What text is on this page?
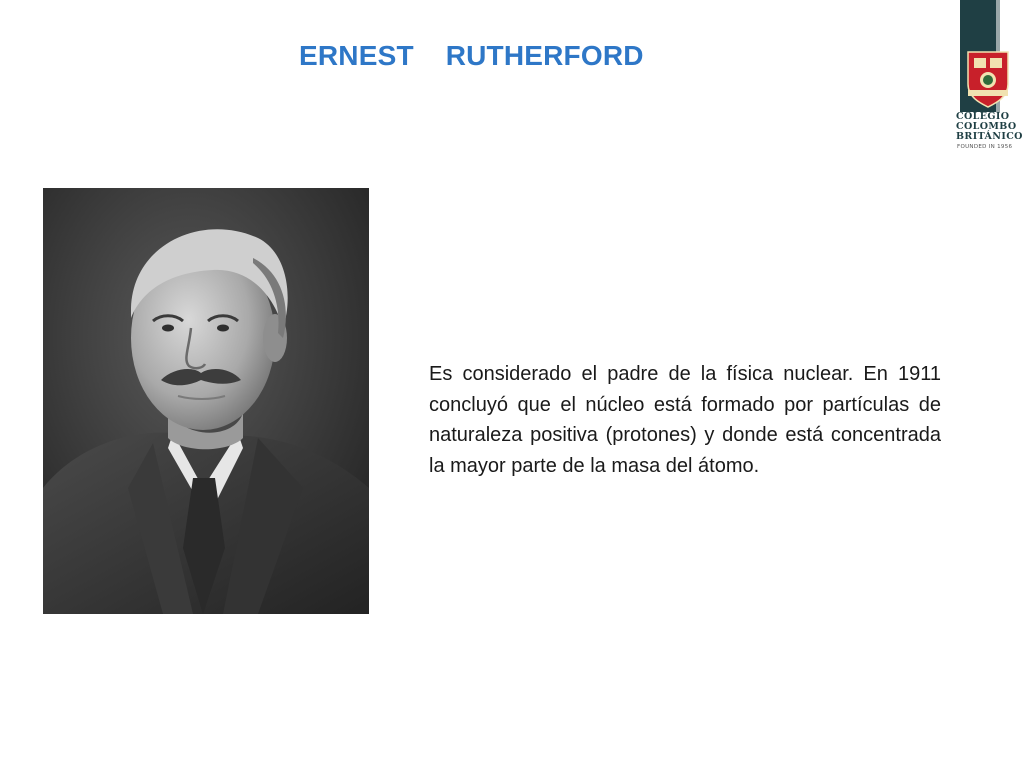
ERNEST    RUTHERFORD

Es considerado el padre de la física nuclear. En 1911 concluyó que el núcleo está formado por partículas de naturaleza positiva (protones) y donde está concentrada la mayor parte de la masa del átomo.

COLEGIO
COLOMBO
BRITÁNICO
FOUNDED IN 1956
